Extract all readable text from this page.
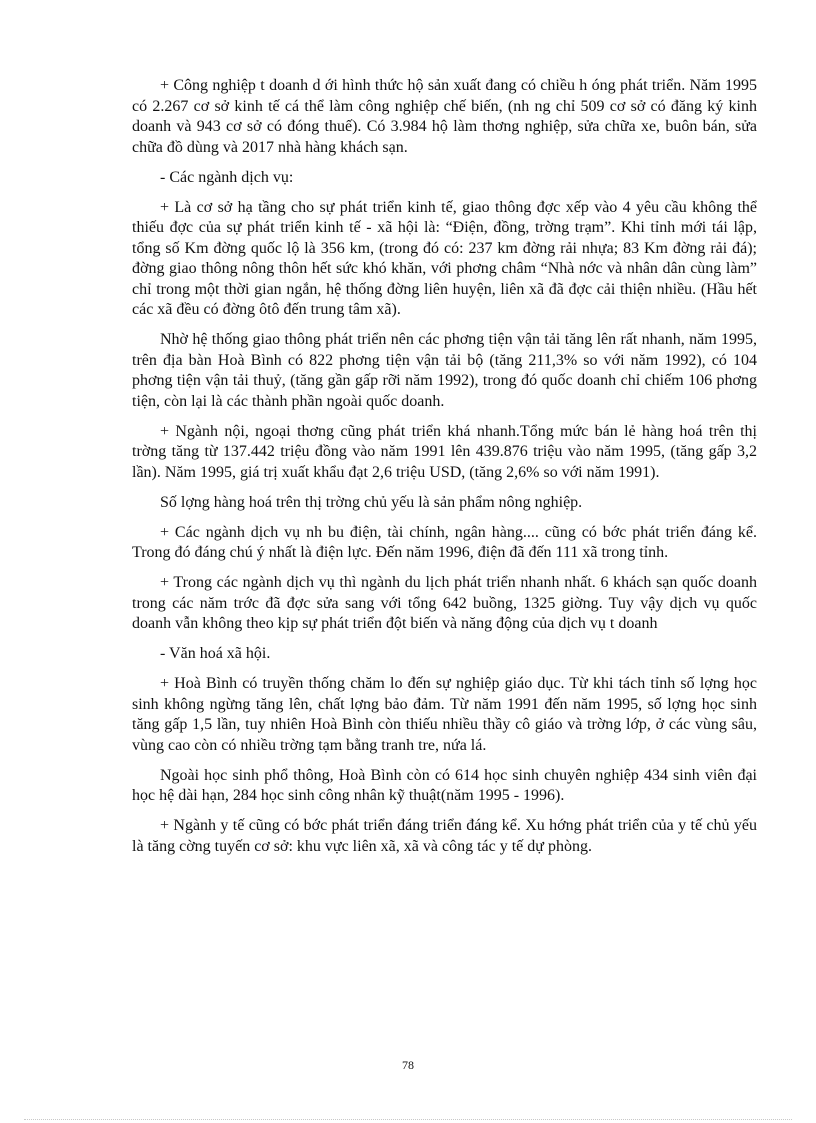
+ Công nghiệp t doanh d ới hình thức hộ sản xuất đang có chiều h óng phát triển. Năm 1995 có 2.267 cơ sở kinh tế cá thể làm công nghiệp chế biến, (nh ng chỉ 509 cơ sở có đăng ký kinh doanh và 943 cơ sở có đóng thuế). Có 3.984 hộ làm thơng nghiệp, sửa chữa xe, buôn bán, sửa chữa đồ dùng và 2017 nhà hàng khách sạn.

- Các ngành dịch vụ:

+ Là cơ sở hạ tầng cho sự phát triển kinh tế, giao thông đợc xếp vào 4 yêu cầu không thể thiếu đợc của sự phát triển kinh tế - xã hội là: “Điện, đồng, trờng trạm”. Khi tỉnh mới tái lập, tổng số Km đờng quốc lộ là 356 km, (trong đó có: 237 km đờng rải nhựa; 83 Km đờng rải đá); đờng giao thông nông thôn hết sức khó khăn, với phơng châm “Nhà nớc và nhân dân cùng làm” chỉ trong một thời gian ngắn, hệ thống đờng liên huyện, liên xã đã đợc cải thiện nhiều. (Hầu hết các xã đều có đờng ôtô đến trung tâm xã).

Nhờ hệ thống giao thông phát triển nên các phơng tiện vận tải tăng lên rất nhanh, năm 1995, trên địa bàn Hoà Bình có 822 phơng tiện vận tải bộ (tăng 211,3% so với năm 1992), có 104 phơng tiện vận tải thuỷ, (tăng gần gấp rỡi năm 1992), trong đó quốc doanh chỉ chiếm 106 phơng tiện, còn lại là các thành phần ngoài quốc doanh.

+ Ngành nội, ngoại thơng cũng phát triển khá nhanh.Tổng mức bán lẻ hàng hoá trên thị trờng tăng từ 137.442 triệu đồng vào năm 1991 lên 439.876 triệu vào năm 1995, (tăng gấp 3,2 lần). Năm 1995, giá trị xuất khẩu đạt 2,6 triệu USD, (tăng 2,6% so với năm 1991).

Số lợng hàng hoá trên thị trờng chủ yếu là sản phẩm nông nghiệp.

+ Các ngành dịch vụ nh bu điện, tài chính, ngân hàng.... cũng có bớc phát triển đáng kể. Trong đó đáng chú ý nhất là điện lực. Đến năm 1996, điện đã đến 111 xã trong tỉnh.

+ Trong các ngành dịch vụ thì ngành du lịch phát triển nhanh nhất. 6 khách sạn quốc doanh trong các năm trớc đã đợc sửa sang với tổng 642 buồng, 1325 giờng. Tuy vậy dịch vụ quốc doanh vẫn không theo kịp sự phát triển đột biến và năng động của dịch vụ t doanh

- Văn hoá xã hội.

+ Hoà Bình có truyền thống chăm lo đến sự nghiệp giáo dục. Từ khi tách tỉnh số lợng học sinh không ngừng tăng lên, chất lợng bảo đảm. Từ năm 1991 đến năm 1995, số lợng học sinh tăng gấp 1,5 lần, tuy nhiên Hoà Bình còn thiếu nhiều thầy cô giáo và trờng lớp, ở các vùng sâu, vùng cao còn có nhiều trờng tạm bằng tranh tre, nứa lá.

Ngoài học sinh phổ thông, Hoà Bình còn có 614 học sinh chuyên nghiệp 434 sinh viên đại học hệ dài hạn, 284 học sinh công nhân kỹ thuật(năm 1995 - 1996).

+ Ngành y tế cũng có bớc phát triển đáng triển đáng kể. Xu hớng phát triển của y tế chủ yếu là tăng cờng tuyến cơ sở: khu vực liên xã, xã và công tác y tế dự phòng.

78
